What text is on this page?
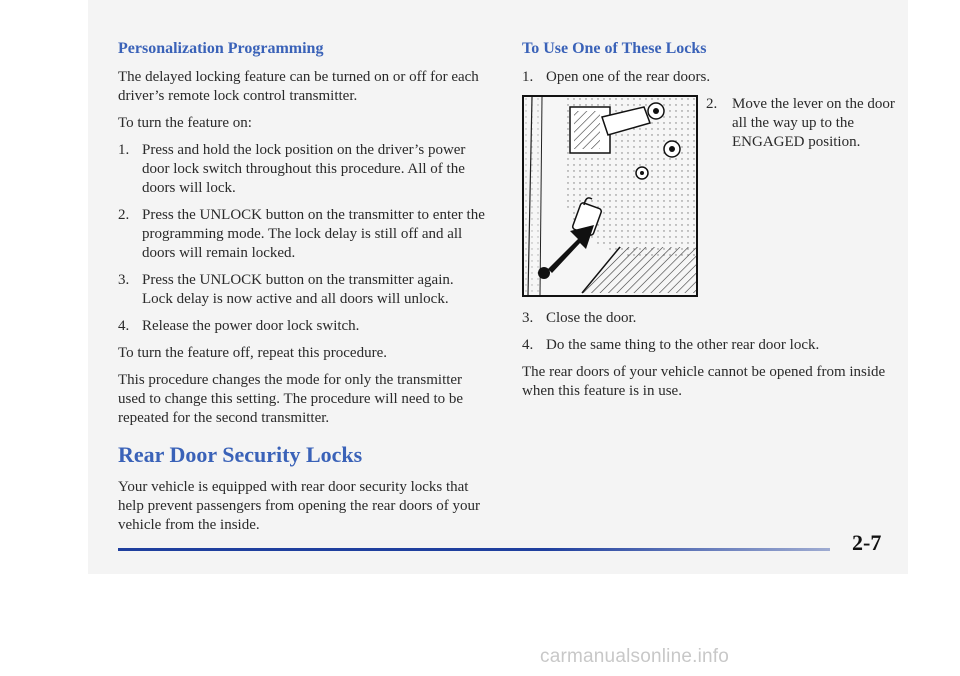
Personalization Programming

The delayed locking feature can be turned on or off for each driver’s remote lock control transmitter.

To turn the feature on:

1. Press and hold the lock position on the driver’s power door lock switch throughout this procedure. All of the doors will lock.
2. Press the UNLOCK button on the transmitter to enter the programming mode. The lock delay is still off and all doors will remain locked.
3. Press the UNLOCK button on the transmitter again. Lock delay is now active and all doors will unlock.
4. Release the power door lock switch.

To turn the feature off, repeat this procedure.

This procedure changes the mode for only the transmitter used to change this setting. The procedure will need to be repeated for the second transmitter.

Rear Door Security Locks

Your vehicle is equipped with rear door security locks that help prevent passengers from opening the rear doors of your vehicle from the inside.

To Use One of These Locks
1. Open one of the rear doors.
2. Move the lever on the door all the way up to the ENGAGED position.
3. Close the door.
4. Do the same thing to the other rear door lock.

The rear doors of your vehicle cannot be opened from inside when this feature is in use.

2-7
carmanualsonline.info
